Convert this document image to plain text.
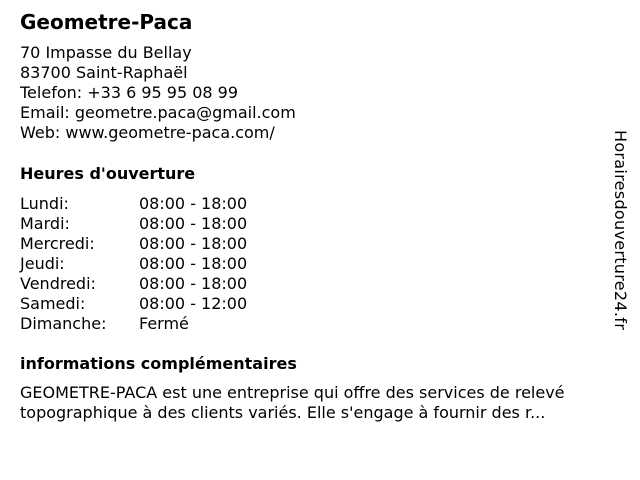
Geometre-Paca
70 Impasse du Bellay
83700 Saint-Raphaël
Telefon: +33 6 95 95 08 99
Email: geometre.paca@gmail.com
Web: www.geometre-paca.com/
Heures d'ouverture
Lundi:	08:00 - 18:00
Mardi:	08:00 - 18:00
Mercredi:	08:00 - 18:00
Jeudi:	08:00 - 18:00
Vendredi:	08:00 - 18:00
Samedi:	08:00 - 12:00
Dimanche: Fermé
informations complémentaires
GEOMETRE-PACA est une entreprise qui offre des services de relevé
topographique à des clients variés. Elle s'engage à fournir des r...
Horairesdouverture24.fr
